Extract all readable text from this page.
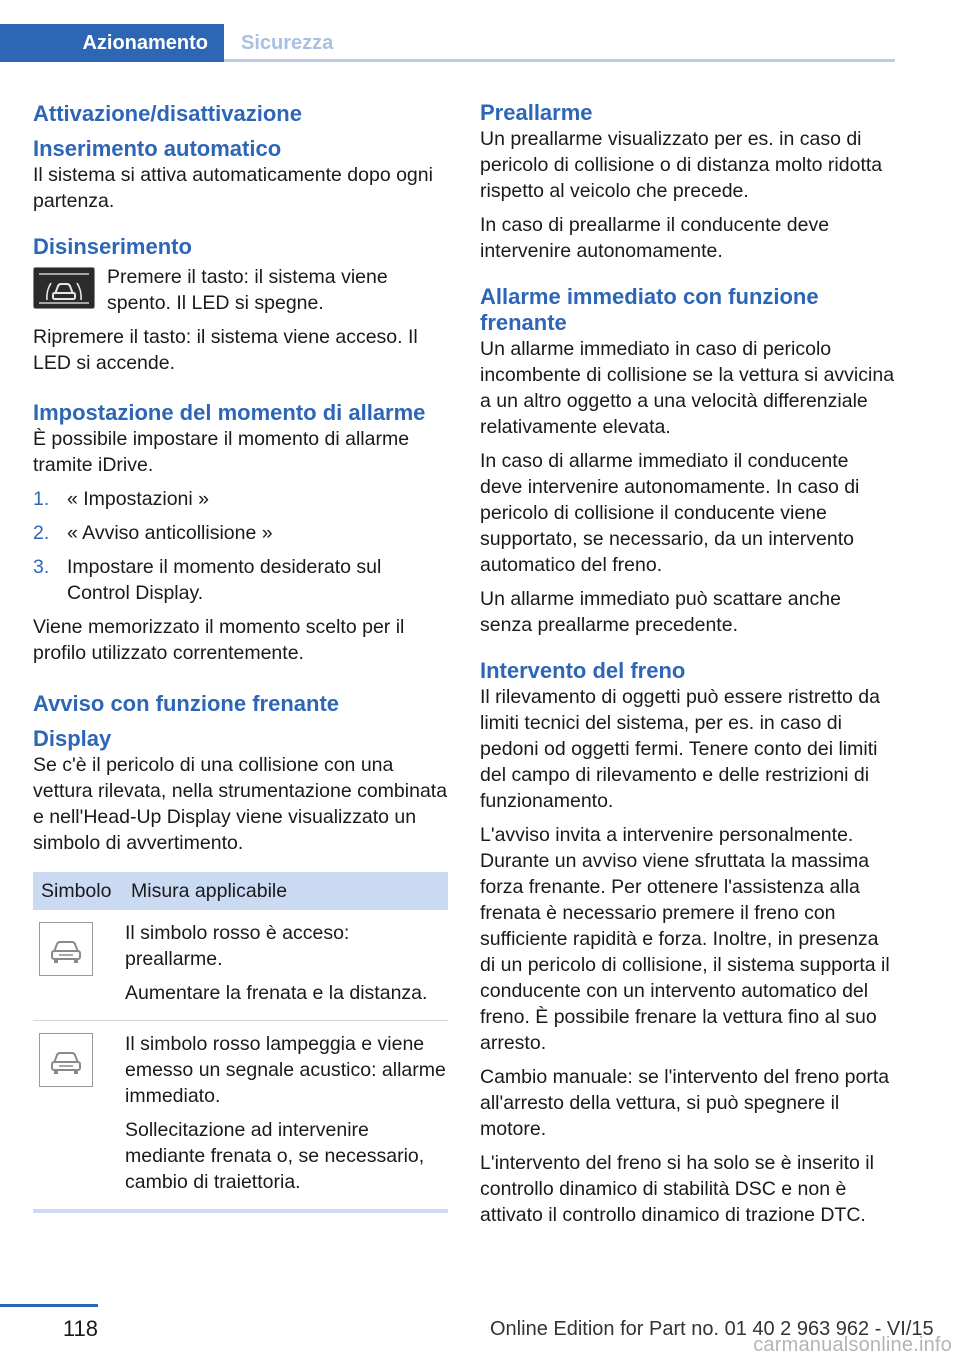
Azionamento	Sicurezza
Attivazione/disattivazione
Inserimento automatico

Il sistema si attiva automaticamente dopo ogni partenza.

Disinserimento
Premere il tasto: il sistema viene spento. Il LED si spegne.

Ripremere il tasto: il sistema viene acceso. Il LED si accende.

Impostazione del momento di allarme

È possibile impostare il momento di allarme tramite iDrive.

1. « Impostazioni »
2. « Avviso anticollisione »
3. Impostare il momento desiderato sul Control Display.

Viene memorizzato il momento scelto per il profilo utilizzato correntemente.

Avviso con funzione frenante
Display

Se c'è il pericolo di una collisione con una vettura rilevata, nella strumentazione combinata e nell'Head-Up Display viene visualizzato un simbolo di avvertimento.

Simbolo	Misura applicabile

Il simbolo rosso è acceso: preallarme.

Aumentare la frenata e la distanza.

Il simbolo rosso lampeggia e viene emesso un segnale acustico: allarme immediato.

Sollecitazione ad intervenire mediante frenata o, se necessario, cambio di traiettoria.

Preallarme

Un preallarme visualizzato per es. in caso di pericolo di collisione o di distanza molto ridotta rispetto al veicolo che precede.

In caso di preallarme il conducente deve intervenire autonomamente.

Allarme immediato con funzione frenante

Un allarme immediato in caso di pericolo incombente di collisione se la vettura si avvicina a un altro oggetto a una velocità differenziale relativamente elevata.

In caso di allarme immediato il conducente deve intervenire autonomamente. In caso di pericolo di collisione il conducente viene supportato, se necessario, da un intervento automatico del freno.

Un allarme immediato può scattare anche senza preallarme precedente.

Intervento del freno

Il rilevamento di oggetti può essere ristretto da limiti tecnici del sistema, per es. in caso di pedoni od oggetti fermi. Tenere conto dei limiti del campo di rilevamento e delle restrizioni di funzionamento.

L'avviso invita a intervenire personalmente. Durante un avviso viene sfruttata la massima forza frenante. Per ottenere l'assistenza alla frenata è necessario premere il freno con sufficiente rapidità e forza. Inoltre, in presenza di un pericolo di collisione, il sistema supporta il conducente con un intervento automatico del freno. È possibile frenare la vettura fino al suo arresto.

Cambio manuale: se l'intervento del freno porta all'arresto della vettura, si può spegnere il motore.

L'intervento del freno si ha solo se è inserito il controllo dinamico di stabilità DSC e non è attivato il controllo dinamico di trazione DTC.

118	Online Edition for Part no. 01 40 2 963 962 - VI/15
carmanualsonline.info
